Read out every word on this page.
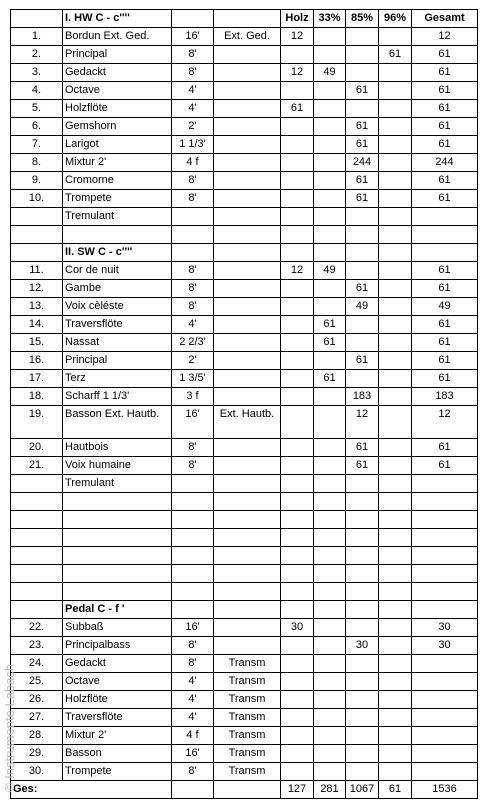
	I. HW C - c''''			Holz	33%	85%	96%	Gesamt
1.	Bordun Ext. Ged.	16'	Ext. Ged.	12				12
2.	Principal	8'					61	61
3.	Gedackt	8'		12	49			61
4.	Octave	4'				61		61
5.	Holzflöte	4'		61				61
6.	Gemshorn	2'				61		61
7.	Larigot	1 1/3'				61		61
8.	Mixtur 2'	4 f				244		244
9.	Cromorne	8'				61		61
10.	Trompete	8'				61		61
	Tremulant							

	II. SW C - c''''							
11.	Cor de nuit	8'		12	49			61
12.	Gambe	8'				61		61
13.	Voix cèléste	8'				49		49
14.	Traversflöte	4'			61			61
15.	Nassat	2 2/3'			61			61
16.	Principal	2'				61		61
17.	Terz	1 3/5'			61			61
18.	Scharff 1 1/3'	3 f				183		183
19.	Basson Ext. Hautb.	16'	Ext. Hautb.			12		12
20.	Hautbois	8'				61		61
21.	Voix humaine	8'				61		61
	Tremulant							

	Pedal C - f '							
22.	Subbaß	16'		30				30
23.	Principalbass	8'				30		30
24.	Gedackt	8'	Transm					
25.	Octave	4'	Transm					
26.	Holzflöte	4'	Transm					
27.	Traversflöte	4'	Transm					
28.	Mixtur 2'	4 f	Transm					
29.	Basson	16'	Transm					
30.	Trompete	8'	Transm					
Ges:				127	281	1067	61	1536
© Instrumente Labach
